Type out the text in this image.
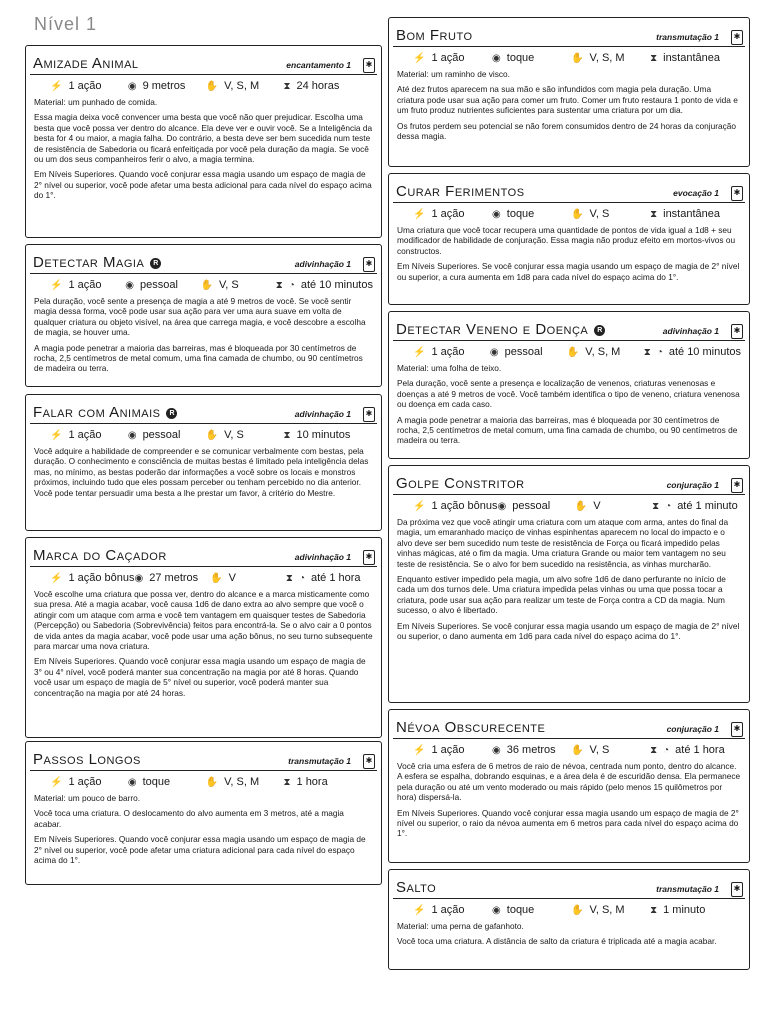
Nível 1
Amizade Animal	encantamento 1	✱
⚡ 1 ação	◉ 9 metros ✋ V, S, M ⧗ 24 horas

Material: um punhado de comida.

Essa magia deixa você convencer uma besta que você não quer prejudicar. Escolha uma besta que você possa ver dentro do alcance. Ela deve ver e ouvir você. Se a Inteligência da besta for 4 ou maior, a magia falha. Do contrário, a besta deve ser bem sucedida num teste de resistência de Sabedoria ou ficará enfeitiçada por você pela duração da magia. Se você ou um dos seus companheiros ferir o alvo, a magia termina.

Em Níveis Superiores. Quando você conjurar essa magia usando um espaço de magia de 2° nível ou superior, você pode afetar uma besta adicional para cada nível do espaço acima do 1°.

Detectar Magia R	adivinhação 1	✱
⚡ 1 ação ◉ pessoal ✋ V, S	⧗ ◔ até 10 minutos

Pela duração, você sente a presença de magia a até 9 metros de você. Se você sentir magia dessa forma, você pode usar sua ação para ver uma aura suave em volta de qualquer criatura ou objeto visível, na área que carrega magia, e você descobre a escolha de magia, se houver uma.

A magia pode penetrar a maioria das barreiras, mas é bloqueada por 30 centímetros de rocha, 2,5 centímetros de metal comum, uma fina camada de chumbo, ou 90 centímetros de madeira ou terra.

Falar com Animais R	adivinhação 1	✱
⚡ 1 ação	◉ pessoal	✋ V, S	⧗ 10 minutos

Você adquire a habilidade de compreender e se comunicar verbalmente com bestas, pela duração. O conhecimento e consciência de muitas bestas é limitado pela inteligência delas mas, no mínimo, as bestas poderão dar informações a você sobre os locais e monstros próximos, incluindo tudo que eles possam perceber ou tenham percebido no dia anterior. Você pode tentar persuadir uma besta a lhe prestar um favor, à critério do Mestre.

Marca do Caçador	adivinhação 1	✱
⚡ 1 ação bônus ◉ 27 metros ✋ V	⧗ ◔ até 1 hora

Você escolhe uma criatura que possa ver, dentro do alcance e a marca misticamente como sua presa. Até a magia acabar, você causa 1d6 de dano extra ao alvo sempre que você o atingir com um ataque com arma e você tem vantagem em quaisquer testes de Sabedoria (Percepção) ou Sabedoria (Sobrevivência) feitos para encontrá-la. Se o alvo cair a 0 pontos de vida antes da magia acabar, você pode usar uma ação bônus, no seu turno subsequente para marcar uma nova criatura.

Em Níveis Superiores. Quando você conjurar essa magia usando um espaço de magia de 3° ou 4° nível, você poderá manter sua concentração na magia por até 8 horas. Quando você usar um espaço de magia de 5° nível ou superior, você poderá manter sua concentração na magia por até 24 horas.

Passos Longos	transmutação 1	✱
⚡ 1 ação	◉ toque	✋ V, S, M ⧗ 1 hora

Material: um pouco de barro.

Você toca uma criatura. O deslocamento do alvo aumenta em 3 metros, até a magia acabar.

Em Níveis Superiores. Quando você conjurar essa magia usando um espaço de magia de 2° nível ou superior, você pode afetar uma criatura adicional para cada nível do espaço acima do 1°.

Bom Fruto	transmutação 1	✱
⚡ 1 ação	◉ toque	✋ V, S, M	⧗ instantânea

Material: um raminho de visco.

Até dez frutos aparecem na sua mão e são infundidos com magia pela duração. Uma criatura pode usar sua ação para comer um fruto. Comer um fruto restaura 1 ponto de vida e um fruto produz nutrientes suficientes para sustentar uma criatura por um dia.

Os frutos perdem seu potencial se não forem consumidos dentro de 24 horas da conjuração dessa magia.

Curar Ferimentos	evocação 1	✱
⚡ 1 ação	◉ toque	✋ V, S	⧗ instantânea

Uma criatura que você tocar recupera uma quantidade de pontos de vida igual a 1d8 + seu modificador de habilidade de conjuração. Essa magia não produz efeito em mortos-vivos ou constructos.

Em Níveis Superiores. Se você conjurar essa magia usando um espaço de magia de 2° nível ou superior, a cura aumenta em 1d8 para cada nível do espaço acima do 1°.

Detectar Veneno e Doença R	adivinhação 1	✱
⚡ 1 ação	◉ pessoal ✋ V, S, M ⧗ ◔ até 10 minutos

Material: uma folha de teixo.

Pela duração, você sente a presença e localização de venenos, criaturas venenosas e doenças a até 9 metros de você. Você também identifica o tipo de veneno, criatura venenosa ou doença em cada caso.

A magia pode penetrar a maioria das barreiras, mas é bloqueada por 30 centímetros de rocha, 2,5 centímetros de metal comum, uma fina camada de chumbo, ou 90 centímetros de madeira ou terra.

Golpe Constritor	conjuração 1	✱
⚡ 1 ação bônus ◉ pessoal ✋ V	⧗ ◔ até 1 minuto

Da próxima vez que você atingir uma criatura com um ataque com arma, antes do final da magia, um emaranhado maciço de vinhas espinhentas aparecem no local do impacto e o alvo deve ser bem sucedido num teste de resistência de Força ou ficará impedido pelas vinhas mágicas, até o fim da magia. Uma criatura Grande ou maior tem vantagem no seu teste de resistência. Se o alvo for bem sucedido na resistência, as vinhas murcharão.

Enquanto estiver impedido pela magia, um alvo sofre 1d6 de dano perfurante no início de cada um dos turnos dele. Uma criatura impedida pelas vinhas ou uma que possa tocar a criatura, pode usar sua ação para realizar um teste de Força contra a CD da magia. Num sucesso, o alvo é libertado.

Em Níveis Superiores. Se você conjurar essa magia usando um espaço de magia de 2° nível ou superior, o dano aumenta em 1d6 para cada nível do espaço acima do 1°.

Névoa Obscurecente	conjuração 1	✱
⚡ 1 ação	◉ 36 metros ✋ V, S	⧗ ◔ até 1 hora

Você cria uma esfera de 6 metros de raio de névoa, centrada num ponto, dentro do alcance. A esfera se espalha, dobrando esquinas, e a área dela é de escuridão densa. Ela permanece pela duração ou até um vento moderado ou mais rápido (pelo menos 15 quilômetros por hora) dispersá-la.

Em Níveis Superiores. Quando você conjurar essa magia usando um espaço de magia de 2° nível ou superior, o raio da névoa aumenta em 6 metros para cada nível do espaço acima do 1°.

Salto	transmutação 1	✱
⚡ 1 ação	◉ toque	✋ V, S, M	⧗ 1 minuto

Material: uma perna de gafanhoto.

Você toca uma criatura. A distância de salto da criatura é triplicada até a magia acabar.
